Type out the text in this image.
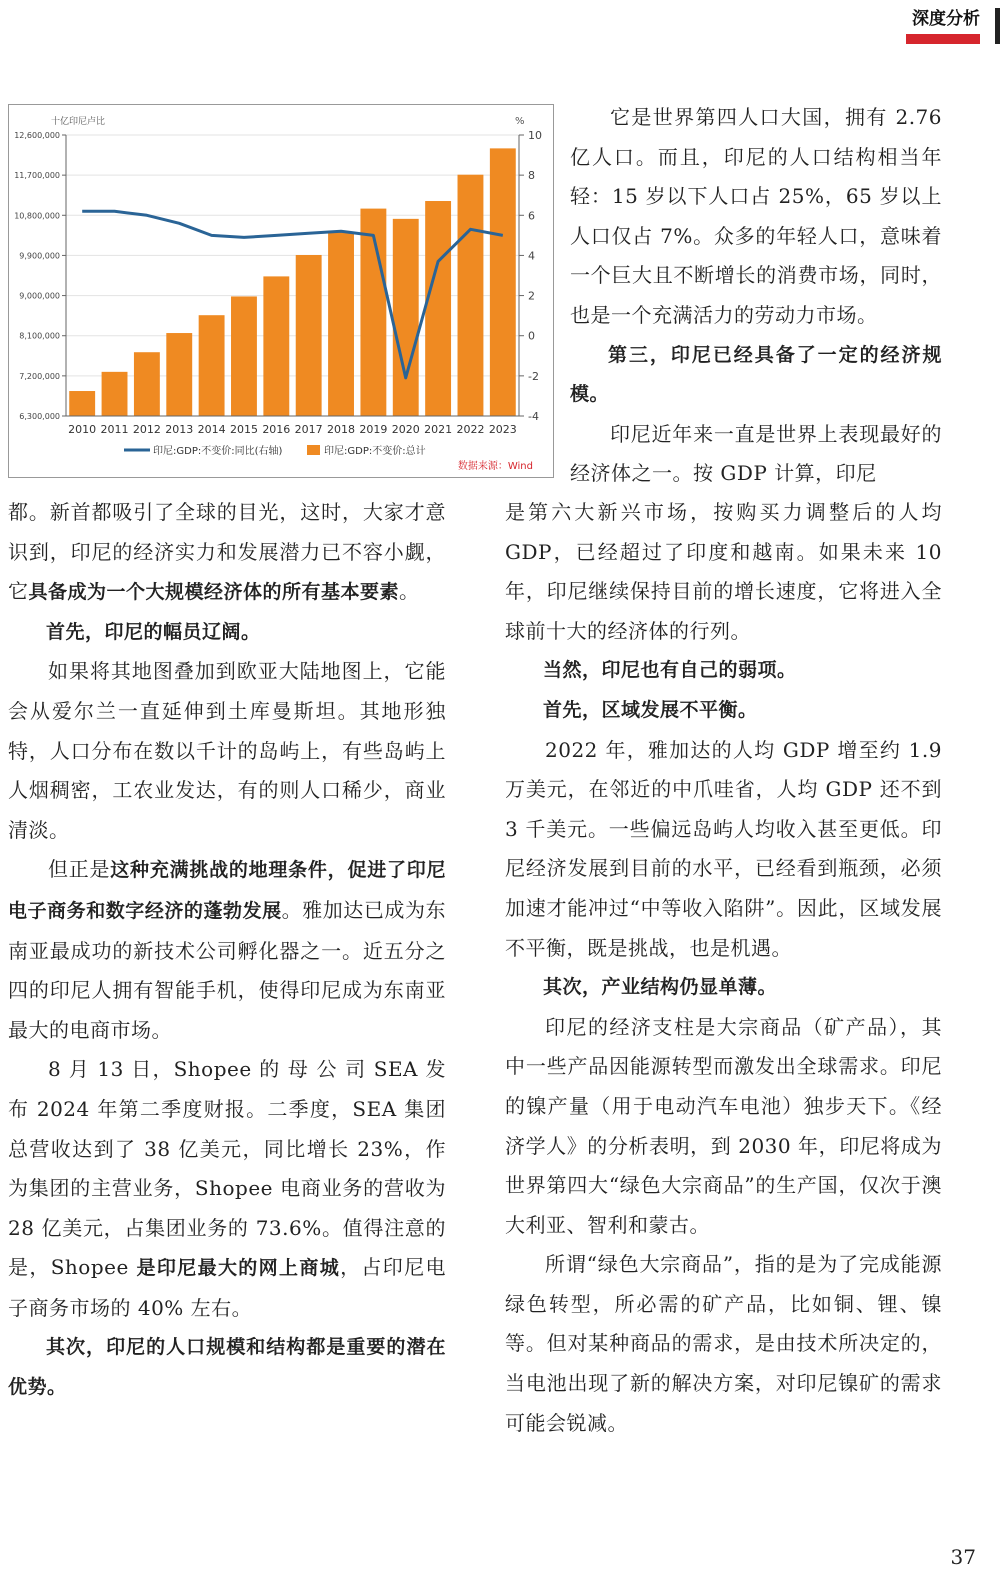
深度分析
6,300,000
7,200,000
8,100,000
9,000,000
9,900,000
10,800,000
11,700,000
12,600,000
-4
-2
0
2
4
6
8
10
2010 2011 2012 2013 2014 2015 2016 2017 2018 2019 2020 2021 2022 2023
十亿印尼卢比	%
印尼:GDP:不变价:同比(右轴)	印尼:GDP:不变价:总计
数据来源：Wind

它是世界第四人口大国，拥有 2.76 亿人口。而且，印尼的人口结构相当年轻：15 岁以下人口占 25%，65 岁以上人口仅占 7%。众多的年轻人口，意味着一个巨大且不断增长的消费市场，同时，也是一个充满活力的劳动力市场。

第三，印尼已经具备了一定的经济规模。

印尼近年来一直是世界上表现最好的经济体之一。按 GDP 计算，印尼

都。新首都吸引了全球的目光，这时，大家才意识到，印尼的经济实力和发展潜力已不容小觑，它具备成为一个大规模经济体的所有基本要素。

首先，印尼的幅员辽阔。

如果将其地图叠加到欧亚大陆地图上，它能会从爱尔兰一直延伸到土库曼斯坦。其地形独特，人口分布在数以千计的岛屿上，有些岛屿上人烟稠密，工农业发达，有的则人口稀少，商业清淡。

但正是这种充满挑战的地理条件，促进了印尼电子商务和数字经济的蓬勃发展。雅加达已成为东南亚最成功的新技术公司孵化器之一。近五分之四的印尼人拥有智能手机，使得印尼成为东南亚最大的电商市场。

8 月 13 日，Shopee 的 母 公 司 SEA 发 布 2024 年第二季度财报。二季度，SEA 集团总营收达到了 38 亿美元，同比增长 23%，作为集团的主营业务，Shopee 电商业务的营收为 28 亿美元，占集团业务的 73.6%。值得注意的是，Shopee 是印尼最大的网上商城，占印尼电子商务市场的 40% 左右。

其次，印尼的人口规模和结构都是重要的潜在优势。

是第六大新兴市场，按购买力调整后的人均 GDP，已经超过了印度和越南。如果未来 10 年，印尼继续保持目前的增长速度，它将进入全球前十大的经济体的行列。

当然，印尼也有自己的弱项。

首先，区域发展不平衡。

2022 年，雅加达的人均 GDP 增至约 1.9 万美元，在邻近的中爪哇省，人均 GDP 还不到 3 千美元。一些偏远岛屿人均收入甚至更低。印尼经济发展到目前的水平，已经看到瓶颈，必须加速才能冲过“中等收入陷阱”。因此，区域发展不平衡，既是挑战，也是机遇。

其次，产业结构仍显单薄。

印尼的经济支柱是大宗商品（矿产品），其中一些产品因能源转型而激发出全球需求。印尼的镍产量（用于电动汽车电池）独步天下。《经济学人》的分析表明，到 2030 年，印尼将成为世界第四大“绿色大宗商品”的生产国，仅次于澳大利亚、智利和蒙古。

所谓“绿色大宗商品”，指的是为了完成能源绿色转型，所必需的矿产品，比如铜、锂、镍等。但对某种商品的需求，是由技术所决定的，当电池出现了新的解决方案，对印尼镍矿的需求可能会锐减。

37
